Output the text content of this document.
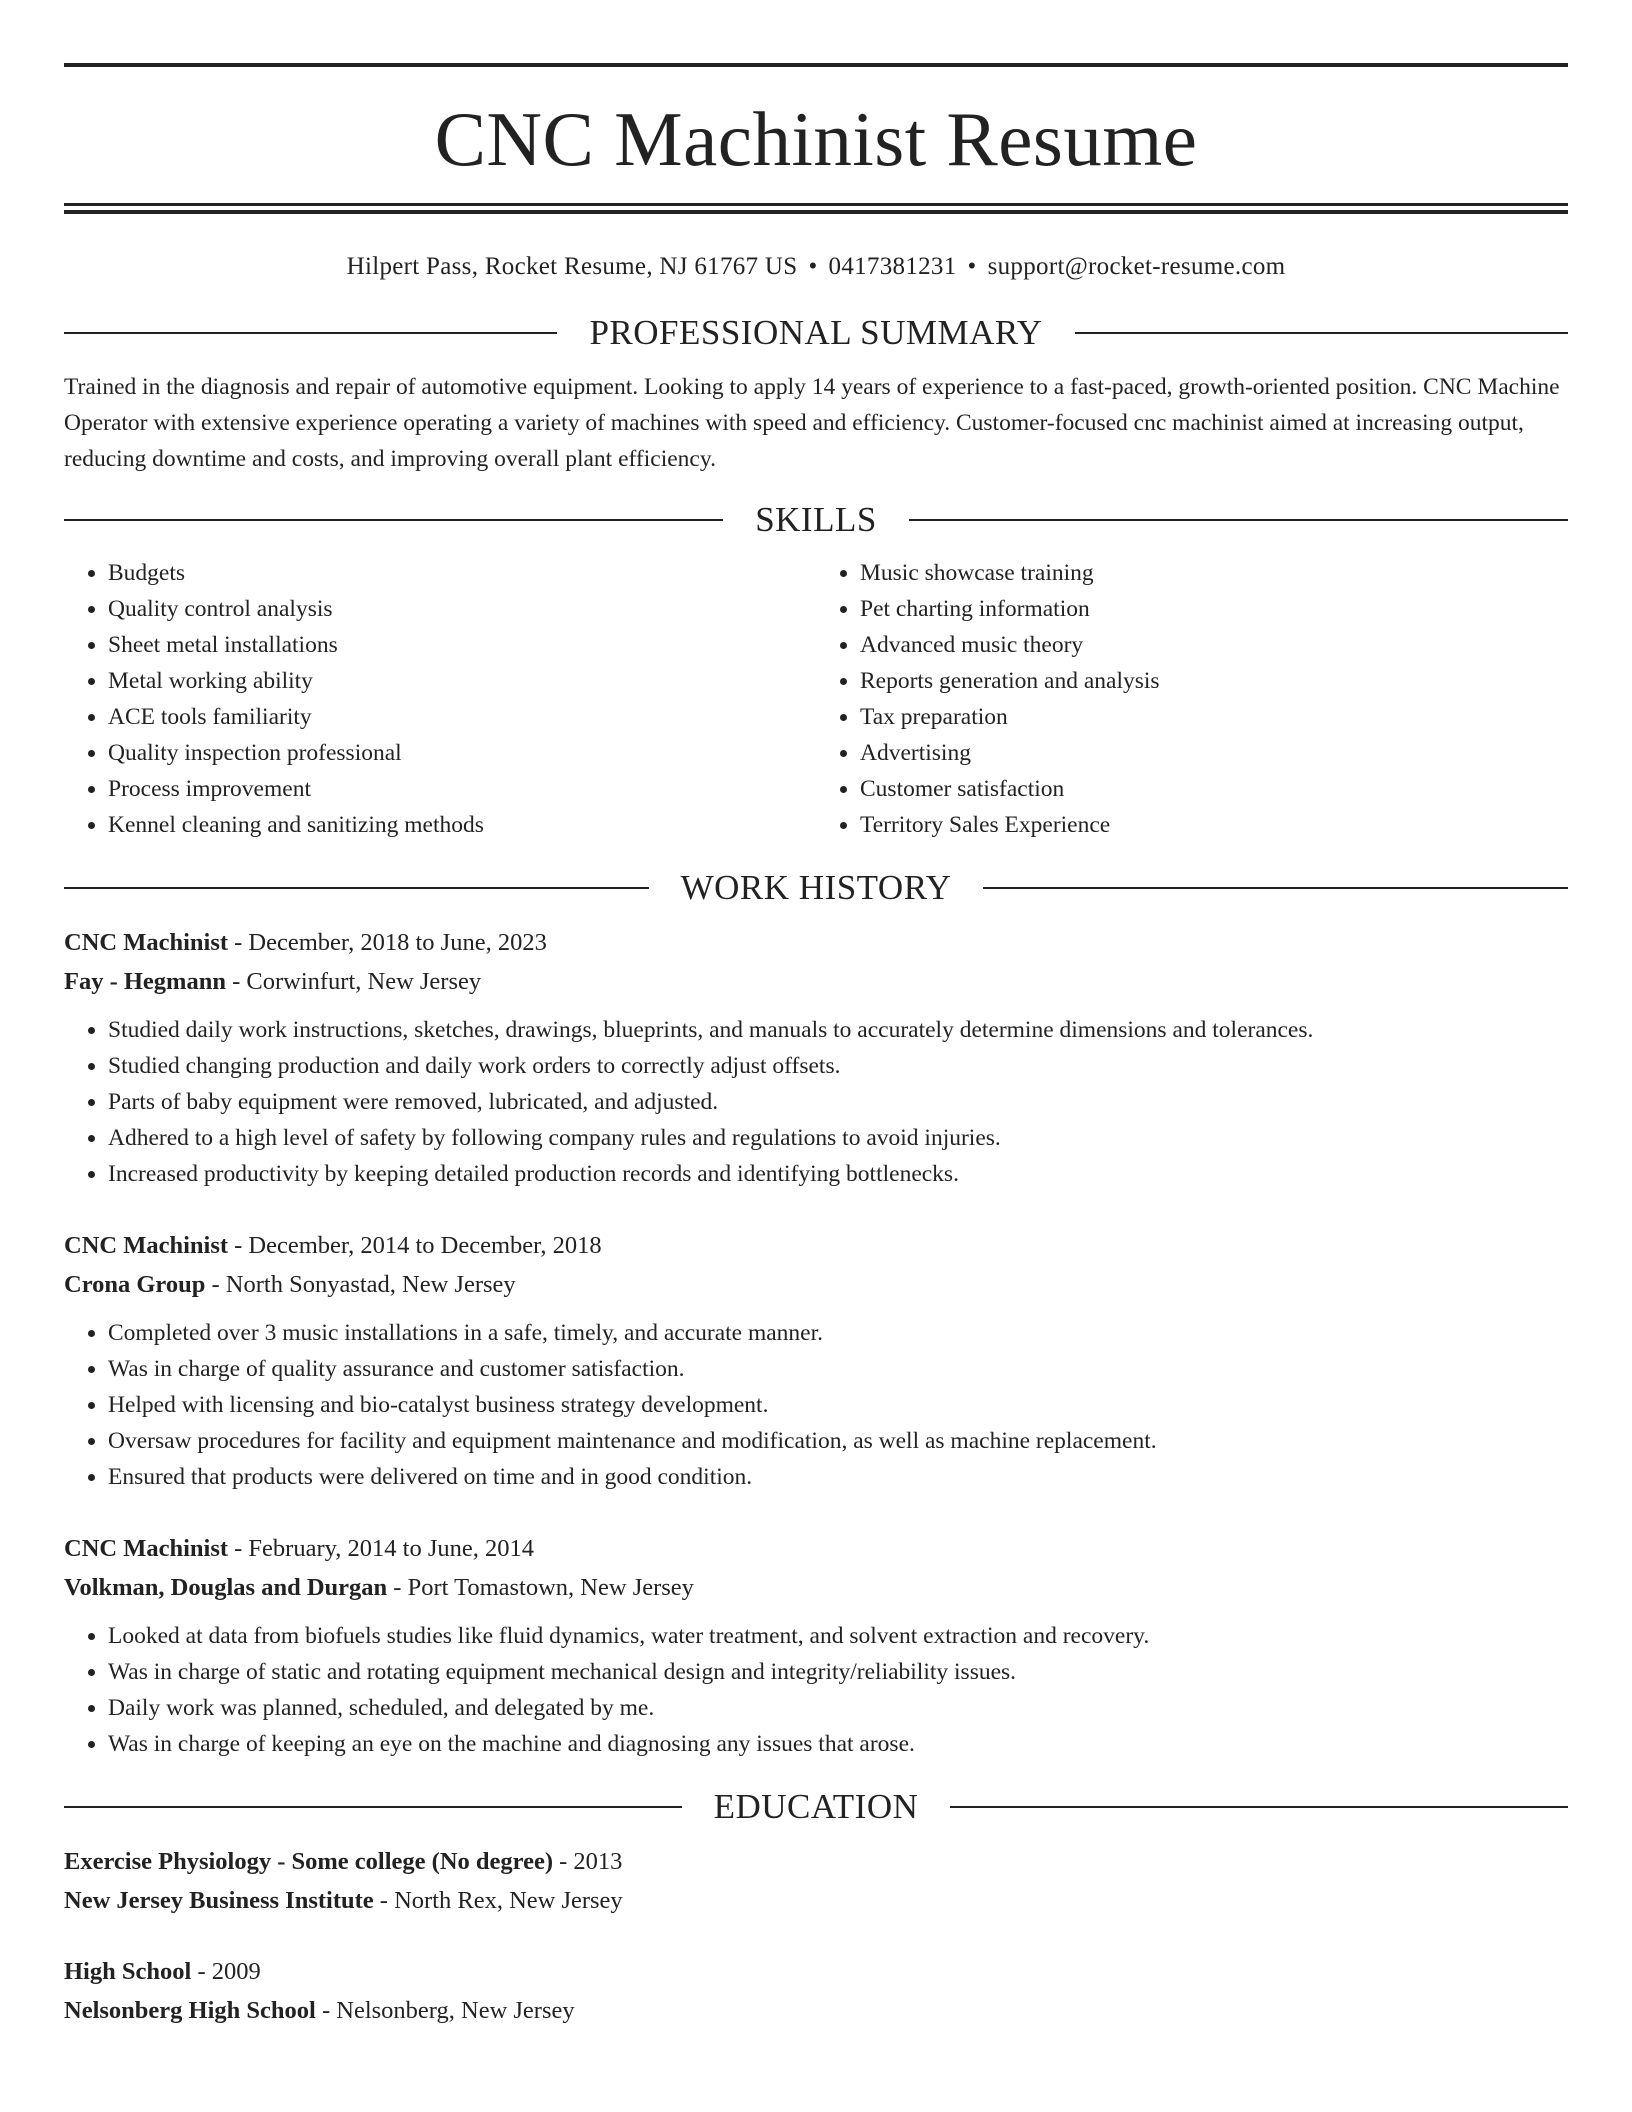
CNC Machinist Resume
Hilpert Pass, Rocket Resume, NJ 61767 US • 0417381231 • support@rocket-resume.com
PROFESSIONAL SUMMARY

Trained in the diagnosis and repair of automotive equipment. Looking to apply 14 years of experience to a fast-paced, growth-oriented position. CNC Machine Operator with extensive experience operating a variety of machines with speed and efficiency. Customer-focused cnc machinist aimed at increasing output, reducing downtime and costs, and improving overall plant efficiency.

SKILLS
• Budgets
• Quality control analysis
• Sheet metal installations
• Metal working ability
• ACE tools familiarity
• Quality inspection professional
• Process improvement
• Kennel cleaning and sanitizing methods
• Music showcase training
• Pet charting information
• Advanced music theory
• Reports generation and analysis
• Tax preparation
• Advertising
• Customer satisfaction
• Territory Sales Experience
WORK HISTORY
CNC Machinist - December, 2018 to June, 2023
Fay - Hegmann - Corwinfurt, New Jersey
• Studied daily work instructions, sketches, drawings, blueprints, and manuals to accurately determine dimensions and tolerances.
• Studied changing production and daily work orders to correctly adjust offsets.
• Parts of baby equipment were removed, lubricated, and adjusted.
• Adhered to a high level of safety by following company rules and regulations to avoid injuries.
• Increased productivity by keeping detailed production records and identifying bottlenecks.
CNC Machinist - December, 2014 to December, 2018
Crona Group - North Sonyastad, New Jersey
• Completed over 3 music installations in a safe, timely, and accurate manner.
• Was in charge of quality assurance and customer satisfaction.
• Helped with licensing and bio-catalyst business strategy development.
• Oversaw procedures for facility and equipment maintenance and modification, as well as machine replacement.
• Ensured that products were delivered on time and in good condition.
CNC Machinist - February, 2014 to June, 2014
Volkman, Douglas and Durgan - Port Tomastown, New Jersey
• Looked at data from biofuels studies like fluid dynamics, water treatment, and solvent extraction and recovery.
• Was in charge of static and rotating equipment mechanical design and integrity/reliability issues.
• Daily work was planned, scheduled, and delegated by me.
• Was in charge of keeping an eye on the machine and diagnosing any issues that arose.
EDUCATION
Exercise Physiology - Some college (No degree) - 2013
New Jersey Business Institute - North Rex, New Jersey
High School - 2009
Nelsonberg High School - Nelsonberg, New Jersey
